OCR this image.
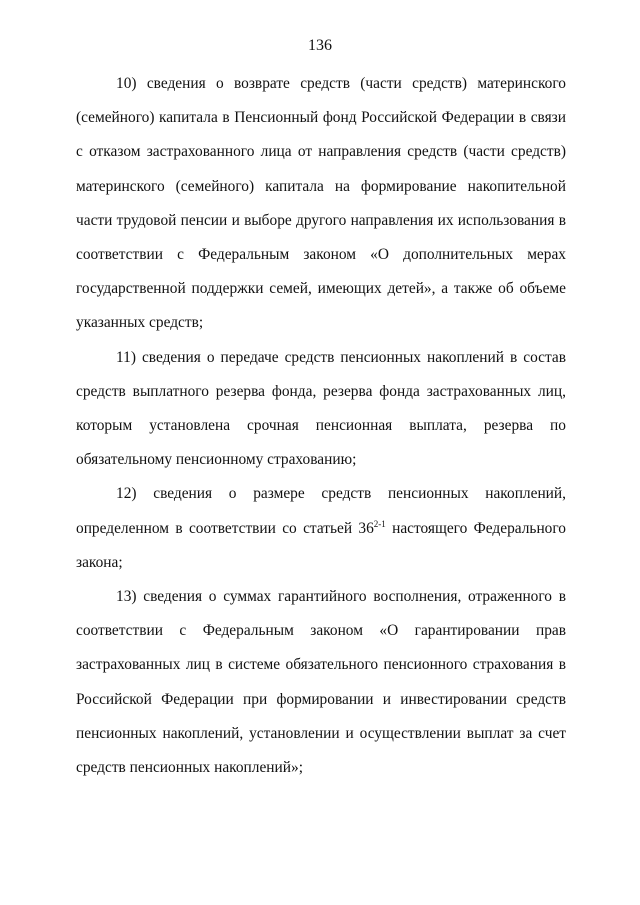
136

10) сведения о возврате средств (части средств) материнского (семейного) капитала в Пенсионный фонд Российской Федерации в связи с отказом застрахованного лица от направления средств (части средств) материнского (семейного) капитала на формирование накопительной части трудовой пенсии и выборе другого направления их использования в соответствии с Федеральным законом «О дополнительных мерах государственной поддержки семей, имеющих детей», а также об объеме указанных средств;

11) сведения о передаче средств пенсионных накоплений в состав средств выплатного резерва фонда, резерва фонда застрахованных лиц, которым установлена срочная пенсионная выплата, резерва по обязательному пенсионному страхованию;

12) сведения о размере средств пенсионных накоплений, определенном в соответствии со статьей 36$^{2-1}$ настоящего Федерального закона;

13) сведения о суммах гарантийного восполнения, отраженного в соответствии с Федеральным законом «О гарантировании прав застрахованных лиц в системе обязательного пенсионного страхования в Российской Федерации при формировании и инвестировании средств пенсионных накоплений, установлении и осуществлении выплат за счет средств пенсионных накоплений»;
